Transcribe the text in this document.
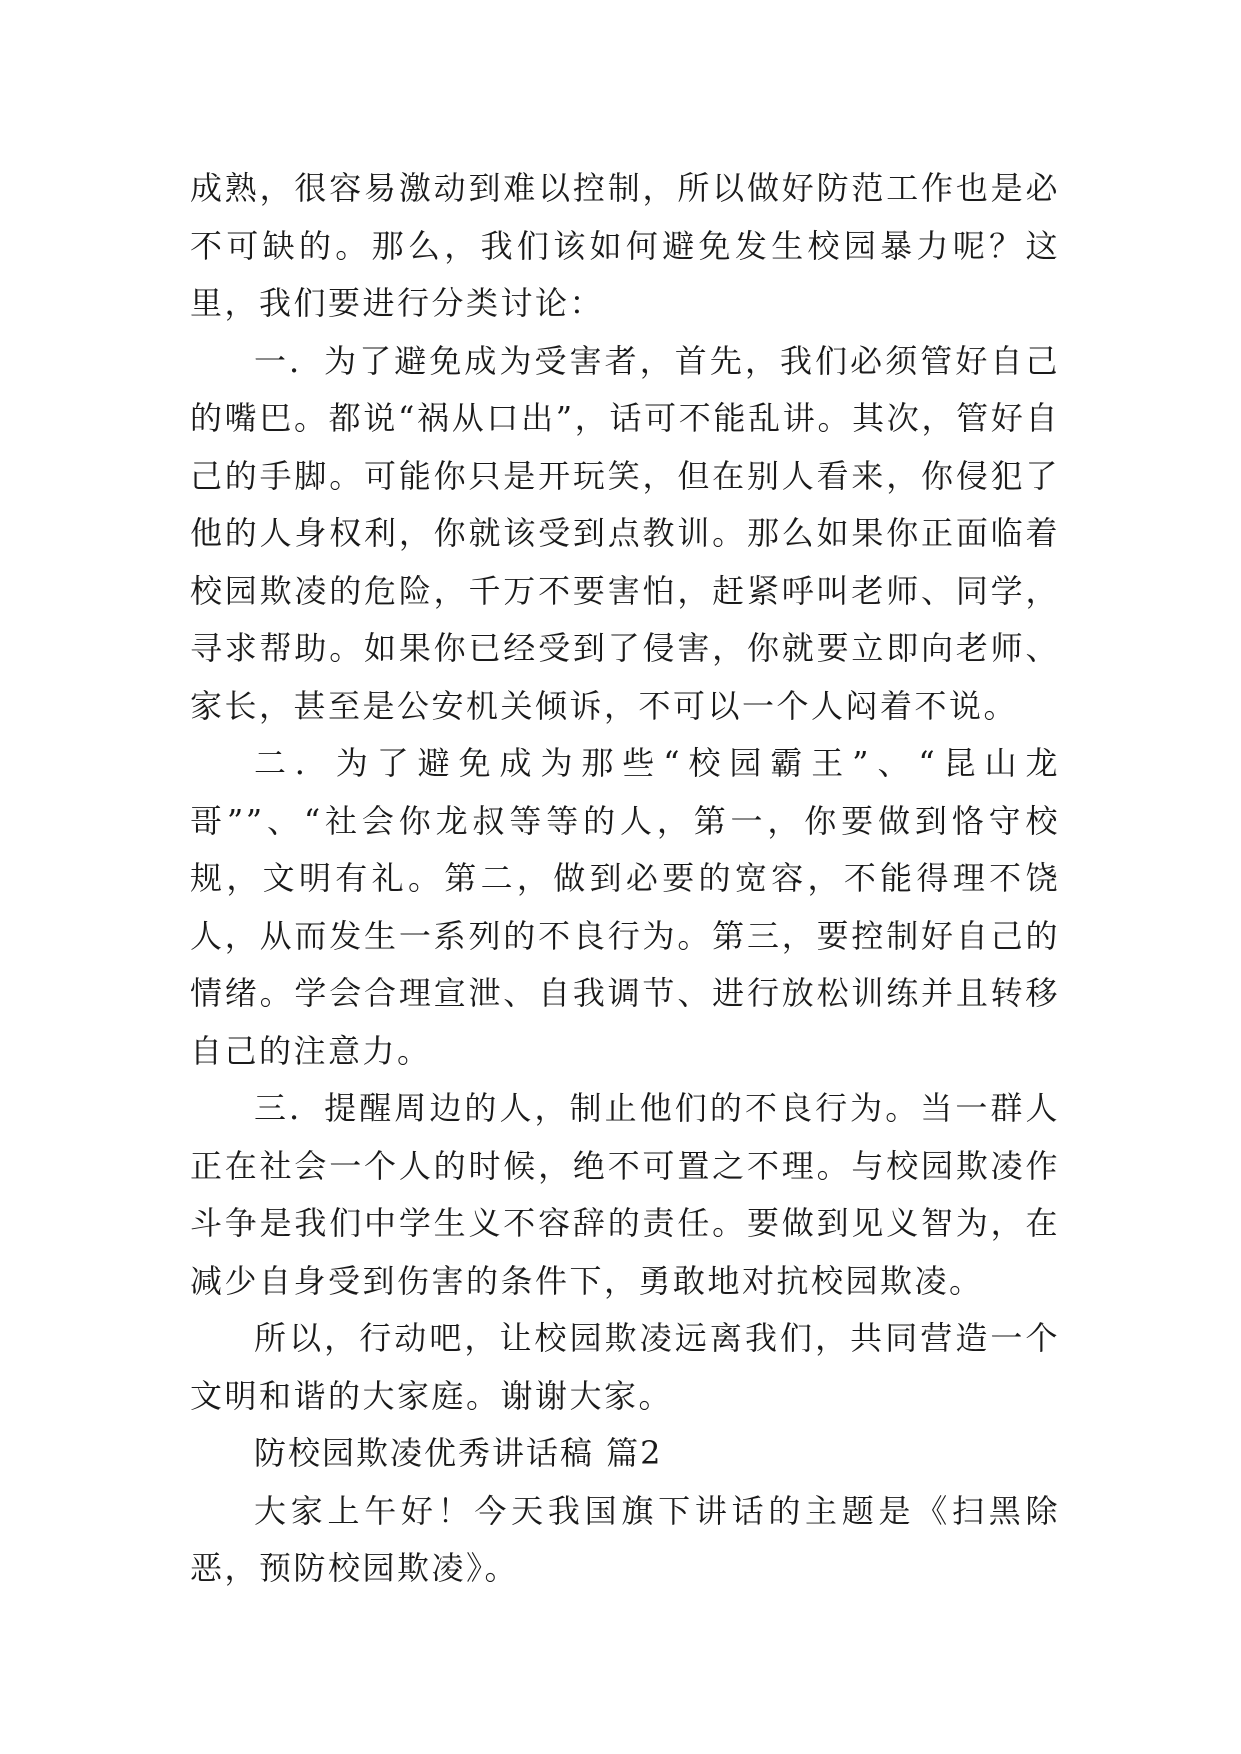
成熟，很容易激动到难以控制，所以做好防范工作也是必不可缺的。那么，我们该如何避免发生校园暴力呢？这里，我们要进行分类讨论：

一．为了避免成为受害者，首先，我们必须管好自己的嘴巴。都说“祸从口出”，话可不能乱讲。其次，管好自己的手脚。可能你只是开玩笑，但在别人看来，你侵犯了他的人身权利，你就该受到点教训。那么如果你正面临着校园欺凌的危险，千万不要害怕，赶紧呼叫老师、同学，寻求帮助。如果你已经受到了侵害，你就要立即向老师、家长，甚至是公安机关倾诉，不可以一个人闷着不说。

二．为了避免成为那些“校园霸王”、“昆山龙哥””、“社会你龙叔等等的人，第一，你要做到恪守校规，文明有礼。第二，做到必要的宽容，不能得理不饶人，从而发生一系列的不良行为。第三，要控制好自己的情绪。学会合理宣泄、自我调节、进行放松训练并且转移自己的注意力。

三．提醒周边的人，制止他们的不良行为。当一群人正在社会一个人的时候，绝不可置之不理。与校园欺凌作斗争是我们中学生义不容辞的责任。要做到见义智为，在减少自身受到伤害的条件下，勇敢地对抗校园欺凌。

所以，行动吧，让校园欺凌远离我们，共同营造一个文明和谐的大家庭。谢谢大家。

防校园欺凌优秀讲话稿 篇2

大家上午好！今天我国旗下讲话的主题是《扫黑除恶，预防校园欺凌》。
